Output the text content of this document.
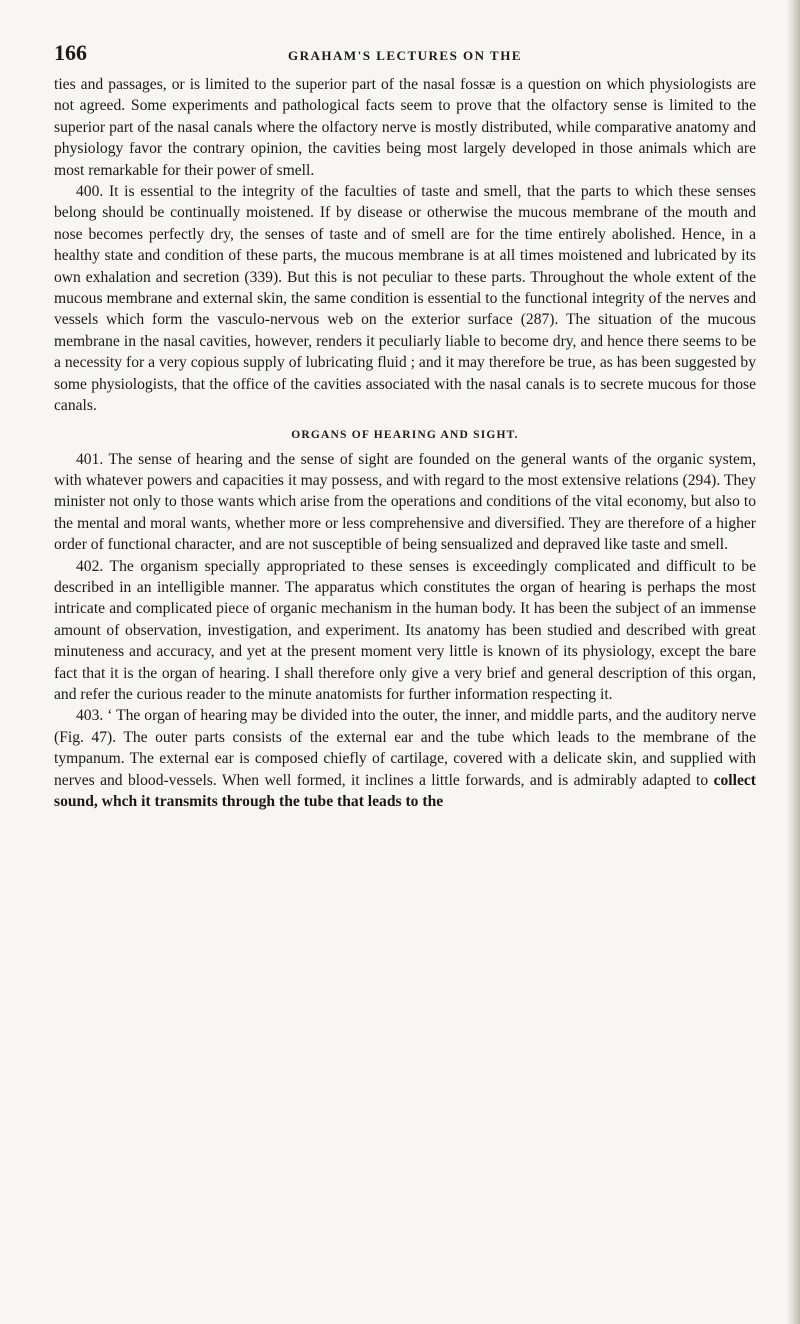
166	GRAHAM'S LECTURES ON THE

ties and passages, or is limited to the superior part of the nasal fossæ is a question on which physiologists are not agreed. Some experiments and pathological facts seem to prove that the olfactory sense is limited to the superior part of the nasal canals where the olfactory nerve is mostly distributed, while comparative anatomy and physiology favor the contrary opinion, the cavities being most largely developed in those animals which are most remarkable for their power of smell.

400. It is essential to the integrity of the faculties of taste and smell, that the parts to which these senses belong should be continually moistened. If by disease or otherwise the mucous membrane of the mouth and nose becomes perfectly dry, the senses of taste and of smell are for the time entirely abolished. Hence, in a healthy state and condition of these parts, the mucous membrane is at all times moistened and lubricated by its own exhalation and secretion (339). But this is not peculiar to these parts. Throughout the whole extent of the mucous membrane and external skin, the same condition is essential to the functional integrity of the nerves and vessels which form the vasculo-nervous web on the exterior surface (287). The situation of the mucous membrane in the nasal cavities, however, renders it peculiarly liable to become dry, and hence there seems to be a necessity for a very copious supply of lubricating fluid ; and it may therefore be true, as has been suggested by some physiologists, that the office of the cavities associated with the nasal canals is to secrete mucous for those canals.

ORGANS OF HEARING AND SIGHT.

401. The sense of hearing and the sense of sight are founded on the general wants of the organic system, with whatever powers and capacities it may possess, and with regard to the most extensive relations (294). They minister not only to those wants which arise from the operations and conditions of the vital economy, but also to the mental and moral wants, whether more or less comprehensive and diversified. They are therefore of a higher order of functional character, and are not susceptible of being sensualized and depraved like taste and smell.

402. The organism specially appropriated to these senses is exceedingly complicated and difficult to be described in an intelligible manner. The apparatus which constitutes the organ of hearing is perhaps the most intricate and complicated piece of organic mechanism in the human body. It has been the subject of an immense amount of observation, investigation, and experiment. Its anatomy has been studied and described with great minuteness and accuracy, and yet at the present moment very little is known of its physiology, except the bare fact that it is the organ of hearing. I shall therefore only give a very brief and general description of this organ, and refer the curious reader to the minute anatomists for further information respecting it.

403. ‘ The organ of hearing may be divided into the outer, the inner, and middle parts, and the auditory nerve (Fig. 47). The outer parts consists of the external ear and the tube which leads to the membrane of the tympanum. The external ear is composed chiefly of cartilage, covered with a delicate skin, and supplied with nerves and blood-vessels. When well formed, it inclines a little forwards, and is admirably adapted to collect sound, whch it transmits through the tube that leads to the
